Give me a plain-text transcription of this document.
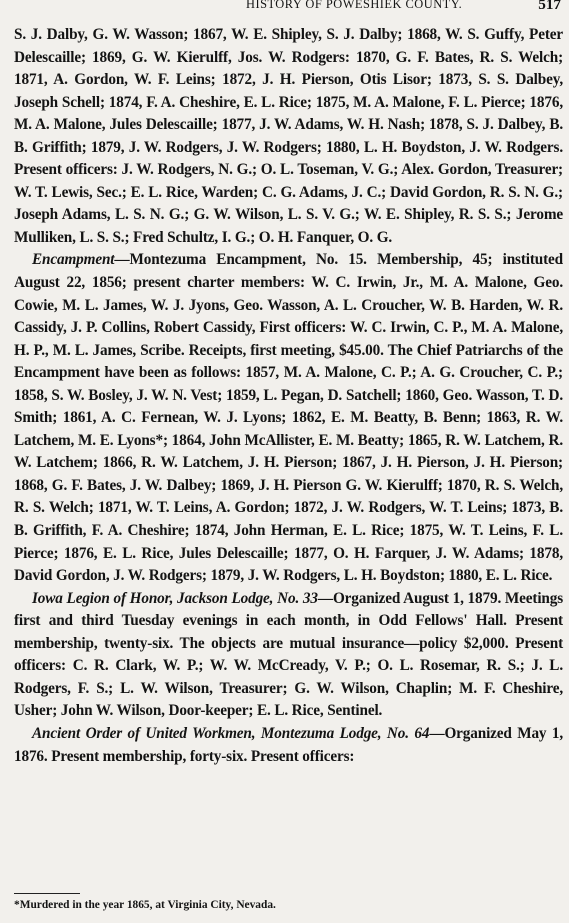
HISTORY OF POWESHIEK COUNTY.	517

S. J. Dalby, G. W. Wasson; 1867, W. E. Shipley, S. J. Dalby; 1868, W. S. Guffy, Peter Delescaille; 1869, G. W. Kierulff, Jos. W. Rodgers: 1870, G. F. Bates, R. S. Welch; 1871, A. Gordon, W. F. Leins; 1872, J. H. Pierson, Otis Lisor; 1873, S. S. Dalbey, Joseph Schell; 1874, F. A. Cheshire, E. L. Rice; 1875, M. A. Malone, F. L. Pierce; 1876, M. A. Malone, Jules Delescaille; 1877, J. W. Adams, W. H. Nash; 1878, S. J. Dalbey, B. B. Griffith; 1879, J. W. Rodgers, J. W. Rodgers; 1880, L. H. Boydston, J. W. Rodgers. Present officers: J. W. Rodgers, N. G.; O. L. Toseman, V. G.; Alex. Gordon, Treasurer; W. T. Lewis, Sec.; E. L. Rice, Warden; C. G. Adams, J. C.; David Gordon, R. S. N. G.; Joseph Adams, L. S. N. G.; G. W. Wilson, L. S. V. G.; W. E. Shipley, R. S. S.; Jerome Mulliken, L. S. S.; Fred Schultz, I. G.; O. H. Fanquer, O. G.

Encampment—Montezuma Encampment, No. 15. Membership, 45; instituted August 22, 1856; present charter members: W. C. Irwin, Jr., M. A. Malone, Geo. Cowie, M. L. James, W. J. Jyons, Geo. Wasson, A. L. Croucher, W. B. Harden, W. R. Cassidy, J. P. Collins, Robert Cassidy, First officers: W. C. Irwin, C. P., M. A. Malone, H. P., M. L. James, Scribe. Receipts, first meeting, $45.00. The Chief Patriarchs of the Encampment have been as follows: 1857, M. A. Malone, C. P.; A. G. Croucher, C. P.; 1858, S. W. Bosley, J. W. N. Vest; 1859, L. Pegan, D. Satchell; 1860, Geo. Wasson, T. D. Smith; 1861, A. C. Fernean, W. J. Lyons; 1862, E. M. Beatty, B. Benn; 1863, R. W. Latchem, M. E. Lyons*; 1864, John McAllister, E. M. Beatty; 1865, R. W. Latchem, R. W. Latchem; 1866, R. W. Latchem, J. H. Pierson; 1867, J. H. Pierson, J. H. Pierson; 1868, G. F. Bates, J. W. Dalbey; 1869, J. H. Pierson G. W. Kierulff; 1870, R. S. Welch, R. S. Welch; 1871, W. T. Leins, A. Gordon; 1872, J. W. Rodgers, W. T. Leins; 1873, B. B. Griffith, F. A. Cheshire; 1874, John Herman, E. L. Rice; 1875, W. T. Leins, F. L. Pierce; 1876, E. L. Rice, Jules Delescaille; 1877, O. H. Farquer, J. W. Adams; 1878, David Gordon, J. W. Rodgers; 1879, J. W. Rodgers, L. H. Boydston; 1880, E. L. Rice.

Iowa Legion of Honor, Jackson Lodge, No. 33—Organized August 1, 1879. Meetings first and third Tuesday evenings in each month, in Odd Fellows' Hall. Present membership, twenty-six. The objects are mutual insurance—policy $2,000. Present officers: C. R. Clark, W. P.; W. W. McCready, V. P.; O. L. Rosemar, R. S.; J. L. Rodgers, F. S.; L. W. Wilson, Treasurer; G. W. Wilson, Chaplin; M. F. Cheshire, Usher; John W. Wilson, Door-keeper; E. L. Rice, Sentinel.

Ancient Order of United Workmen, Montezuma Lodge, No. 64—Organized May 1, 1876. Present membership, forty-six. Present officers:

*Murdered in the year 1865, at Virginia City, Nevada.
